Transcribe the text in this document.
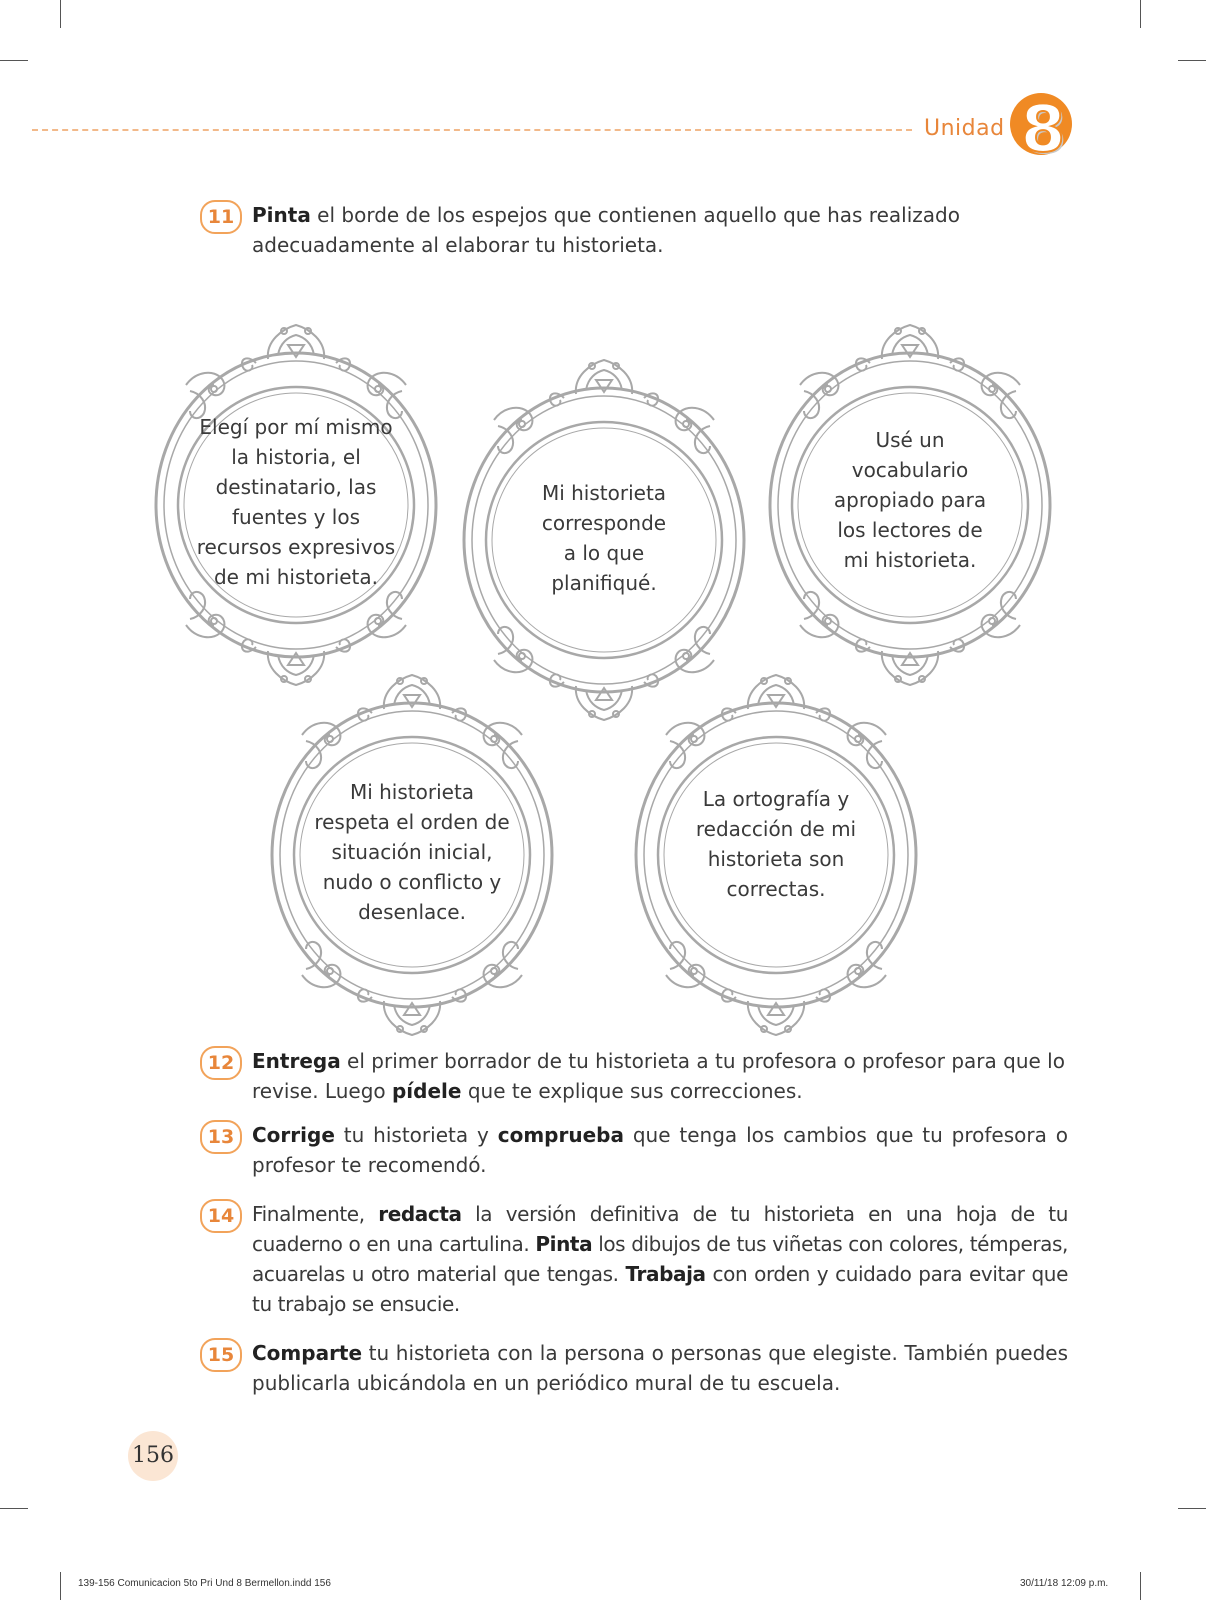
Unidad 8
11 Pinta el borde de los espejos que contienen aquello que has realizado adecuadamente al elaborar tu historieta.
Elegí por mí mismo la historia, el destinatario, las fuentes y los recursos expresivos de mi historieta.
Mi historieta corresponde a lo que planifiqué.
Usé un vocabulario apropiado para los lectores de mi historieta.
Mi historieta respeta el orden de situación inicial, nudo o conflicto y desenlace.
La ortografía y redacción de mi historieta son correctas.
12 Entrega el primer borrador de tu historieta a tu profesora o profesor para que lo revise. Luego pídele que te explique sus correcciones.
13 Corrige tu historieta y comprueba que tenga los cambios que tu profesora o profesor te recomendó.
14 Finalmente, redacta la versión definitiva de tu historieta en una hoja de tu cuaderno o en una cartulina. Pinta los dibujos de tus viñetas con colores, témperas, acuarelas u otro material que tengas. Trabaja con orden y cuidado para evitar que tu trabajo se ensucie.
15 Comparte tu historieta con la persona o personas que elegiste. También puedes publicarla ubicándola en un periódico mural de tu escuela.
156
139-156 Comunicacion 5to Pri Und 8 Bermellon.indd 156	30/11/18 12:09 p.m.
